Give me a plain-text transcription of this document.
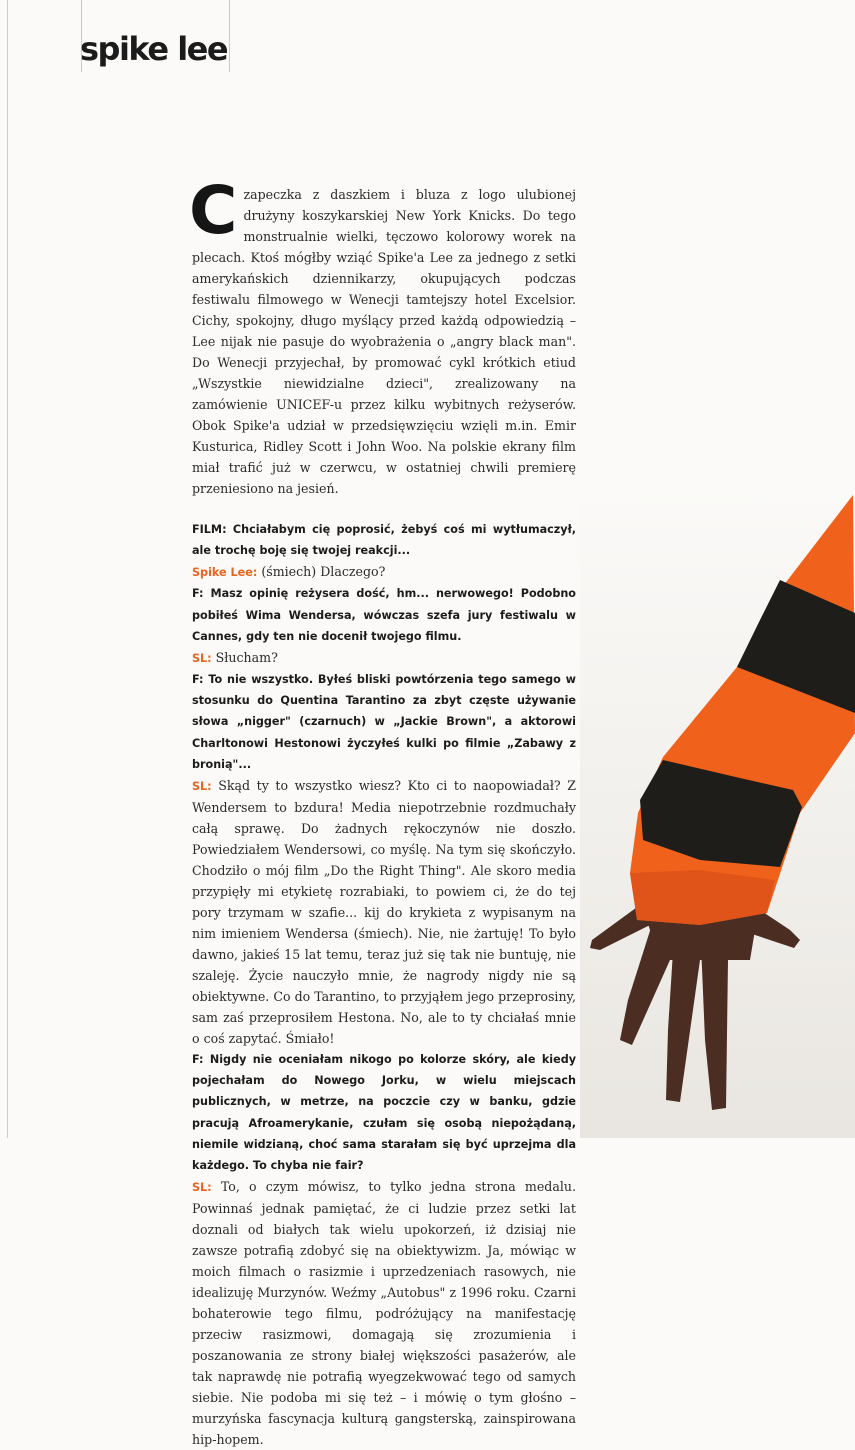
spike lee

Czapeczka z daszkiem i bluza z logo ulubionej drużyny koszykarskiej New York Knicks. Do tego monstrualnie wielki, tęczowo kolorowy worek na plecach. Ktoś mógłby wziąć Spike'a Lee za jednego z setki amerykańskich dziennikarzy, okupujących podczas festiwalu filmowego w Wenecji tamtejszy hotel Excelsior. Cichy, spokojny, długo myślący przed każdą odpowiedzią – Lee nijak nie pasuje do wyobrażenia o „angry black man". Do Wenecji przyjechał, by promować cykl krótkich etiud „Wszystkie niewidzialne dzieci", zrealizowany na zamówienie UNICEF-u przez kilku wybitnych reżyserów. Obok Spike'a udział w przedsięwzięciu wzięli m.in. Emir Kusturica, Ridley Scott i John Woo. Na polskie ekrany film miał trafić już w czerwcu, w ostatniej chwili premierę przeniesiono na jesień.

FILM: Chciałabym cię poprosić, żebyś coś mi wytłumaczył, ale trochę boję się twojej reakcji...

Spike Lee: (śmiech) Dlaczego?

F: Masz opinię reżysera dość, hm... nerwowego! Podobno pobiłeś Wima Wendersa, wówczas szefa jury festiwalu w Cannes, gdy ten nie docenił twojego filmu.

SL: Słucham?

F: To nie wszystko. Byłeś bliski powtórzenia tego samego w stosunku do Quentina Tarantino za zbyt częste używanie słowa „nigger" (czarnuch) w „Jackie Brown", a aktorowi Charltonowi Hestonowi życzyłeś kulki po filmie „Zabawy z bronią"...

SL: Skąd ty to wszystko wiesz? Kto ci to naopowiadał? Z Wendersem to bzdura! Media niepotrzebnie rozdmuchały całą sprawę. Do żadnych rękoczynów nie doszło. Powiedziałem Wendersowi, co myślę. Na tym się skończyło. Chodziło o mój film „Do the Right Thing". Ale skoro media przypięły mi etykietę rozrabiaki, to powiem ci, że do tej pory trzymam w szafie... kij do krykieta z wypisanym na nim imieniem Wendersa (śmiech). Nie, nie żartuję! To było dawno, jakieś 15 lat temu, teraz już się tak nie buntuję, nie szaleję. Życie nauczyło mnie, że nagrody nigdy nie są obiektywne. Co do Tarantino, to przyjąłem jego przeprosiny, sam zaś przeprosiłem Hestona. No, ale to ty chciałaś mnie o coś zapytać. Śmiało!

F: Nigdy nie oceniałam nikogo po kolorze skóry, ale kiedy pojechałam do Nowego Jorku, w wielu miejscach publicznych, w metrze, na poczcie czy w banku, gdzie pracują Afroamerykanie, czułam się osobą niepożądaną, niemile widzianą, choć sama starałam się być uprzejma dla każdego. To chyba nie fair?

SL: To, o czym mówisz, to tylko jedna strona medalu. Powinnaś jednak pamiętać, że ci ludzie przez setki lat doznali od białych tak wielu upokorzeń, iż dzisiaj nie zawsze potrafią zdobyć się na obiektywizm. Ja, mówiąc w moich filmach o rasizmie i uprzedzeniach rasowych, nie idealizuję Murzynów. Weźmy „Autobus" z 1996 roku. Czarni bohaterowie tego filmu, podróżujący na manifestację przeciw rasizmowi, domagają się zrozumienia i poszanowania ze strony białej większości pasażerów, ale tak naprawdę nie potrafią wyegzekwować tego od samych siebie. Nie podoba mi się też – i mówię o tym głośno – murzyńska fascynacja kulturą gangsterską, zainspirowana hip-hopem.
